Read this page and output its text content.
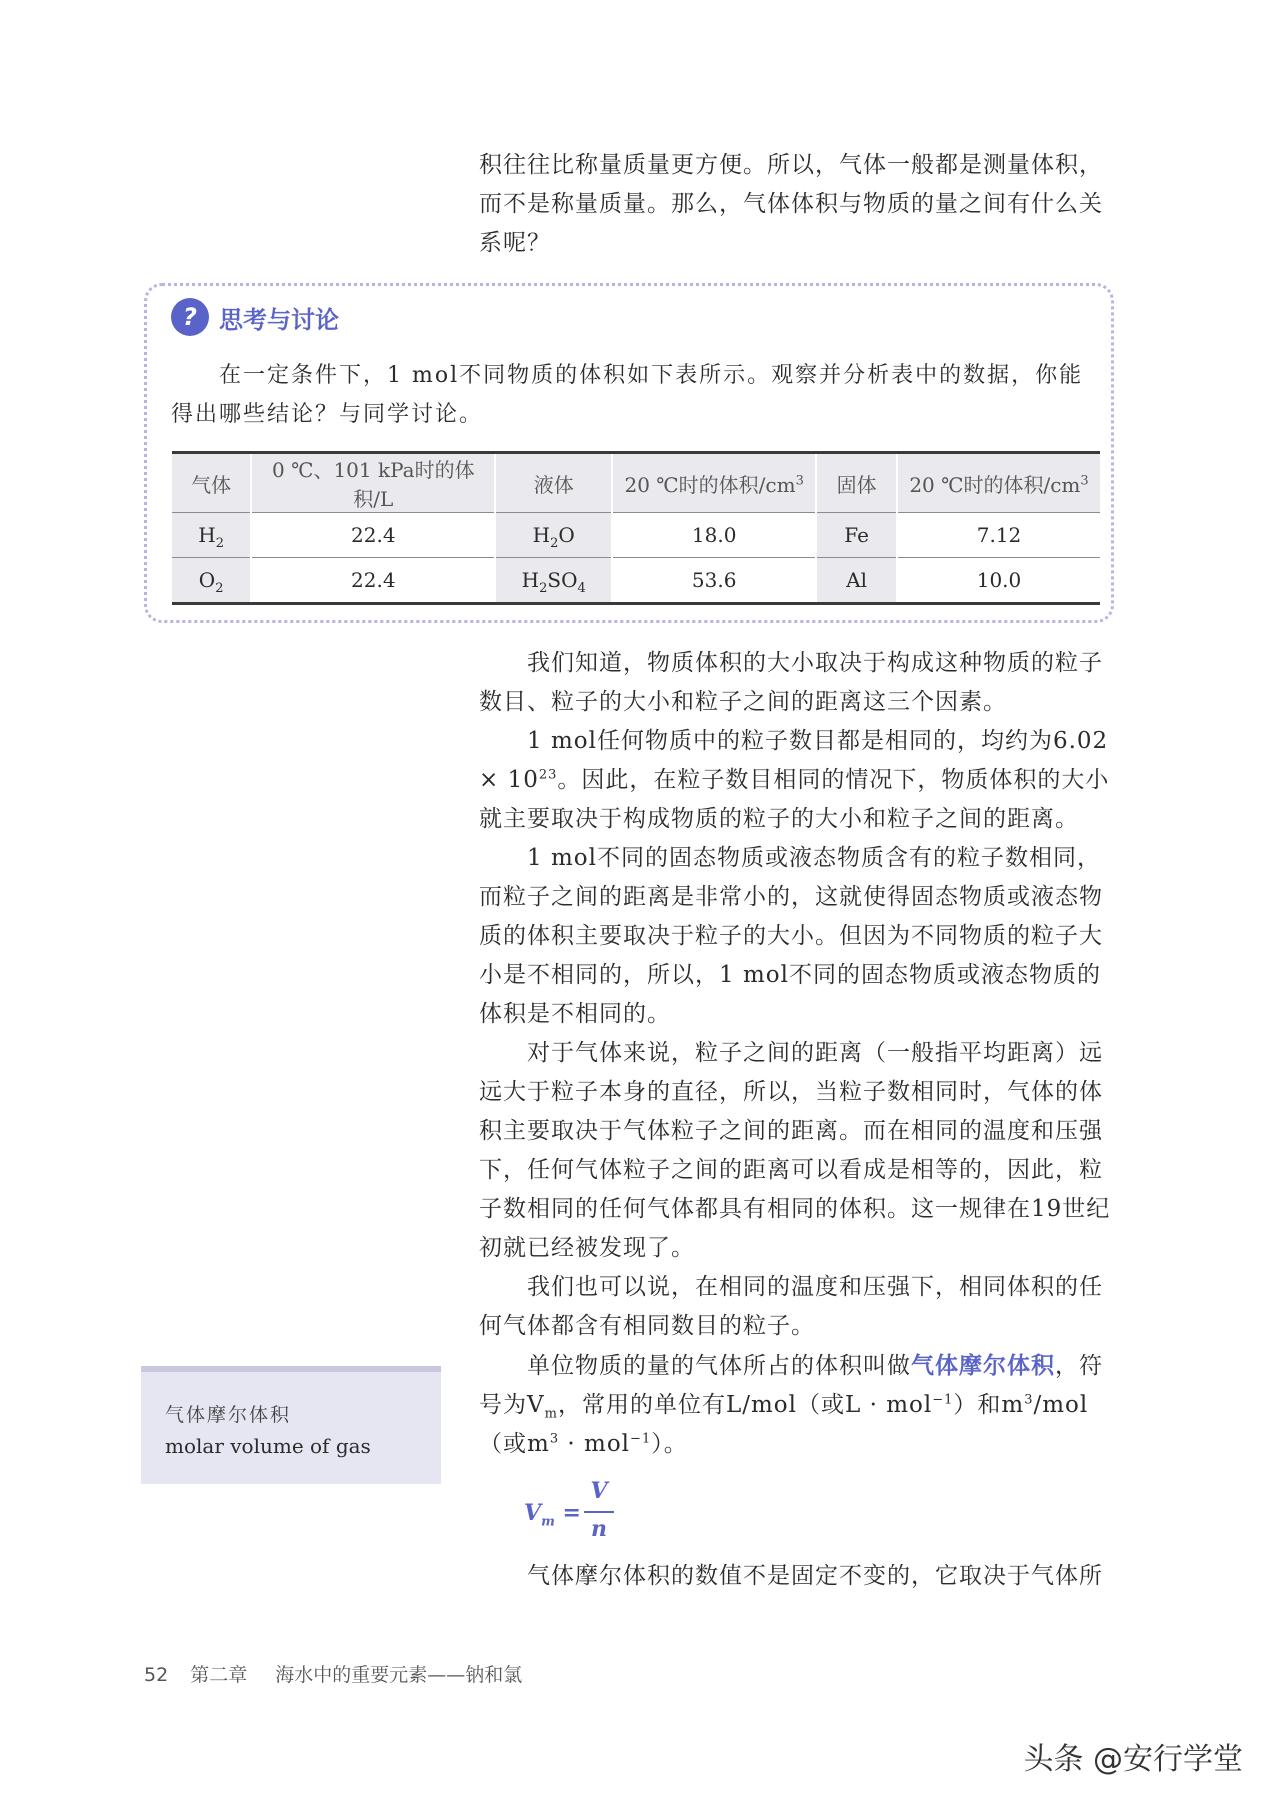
积往往比称量质量更方便。所以，气体一般都是测量体积，而不是称量质量。那么，气体体积与物质的量之间有什么关系呢？

? 思考与讨论

在一定条件下，1 mol不同物质的体积如下表所示。观察并分析表中的数据，你能得出哪些结论？与同学讨论。

气体	0 ℃、101 kPa时的体积/L	液体	20 ℃时的体积$/cm^3$	固体	20 ℃时的体积$/cm^3$
$H_2$	22.4	$H_2O$	18.0	Fe	7.12
$O_2$	22.4	$H_2SO_4$	53.6	Al	10.0

我们知道，物质体积的大小取决于构成这种物质的粒子数目、粒子的大小和粒子之间的距离这三个因素。

1 mol任何物质中的粒子数目都是相同的，均约为$6.02 \times 10^{23}$。因此，在粒子数目相同的情况下，物质体积的大小就主要取决于构成物质的粒子的大小和粒子之间的距离。

1 mol不同的固态物质或液态物质含有的粒子数相同，而粒子之间的距离是非常小的，这就使得固态物质或液态物质的体积主要取决于粒子的大小。但因为不同物质的粒子大小是不相同的，所以，1 mol不同的固态物质或液态物质的体积是不相同的。

对于气体来说，粒子之间的距离（一般指平均距离）远远大于粒子本身的直径，所以，当粒子数相同时，气体的体积主要取决于气体粒子之间的距离。而在相同的温度和压强下，任何气体粒子之间的距离可以看成是相等的，因此，粒子数相同的任何气体都具有相同的体积。这一规律在19世纪初就已经被发现了。

我们也可以说，在相同的温度和压强下，相同体积的任何气体都含有相同数目的粒子。

单位物质的量的气体所占的体积叫做气体摩尔体积，符号为$V_m$，常用的单位有L/mol（或L · mol$^{-1}$）和$m^3/mol$（或$m^3 \cdot mol^{-1}$）。

$V_m$ =
V
n

气体摩尔体积的数值不是固定不变的，它取决于气体所

气体摩尔体积
molar volume of gas
52 第二章 海水中的重要元素——钠和氯
头条 @安行学堂
